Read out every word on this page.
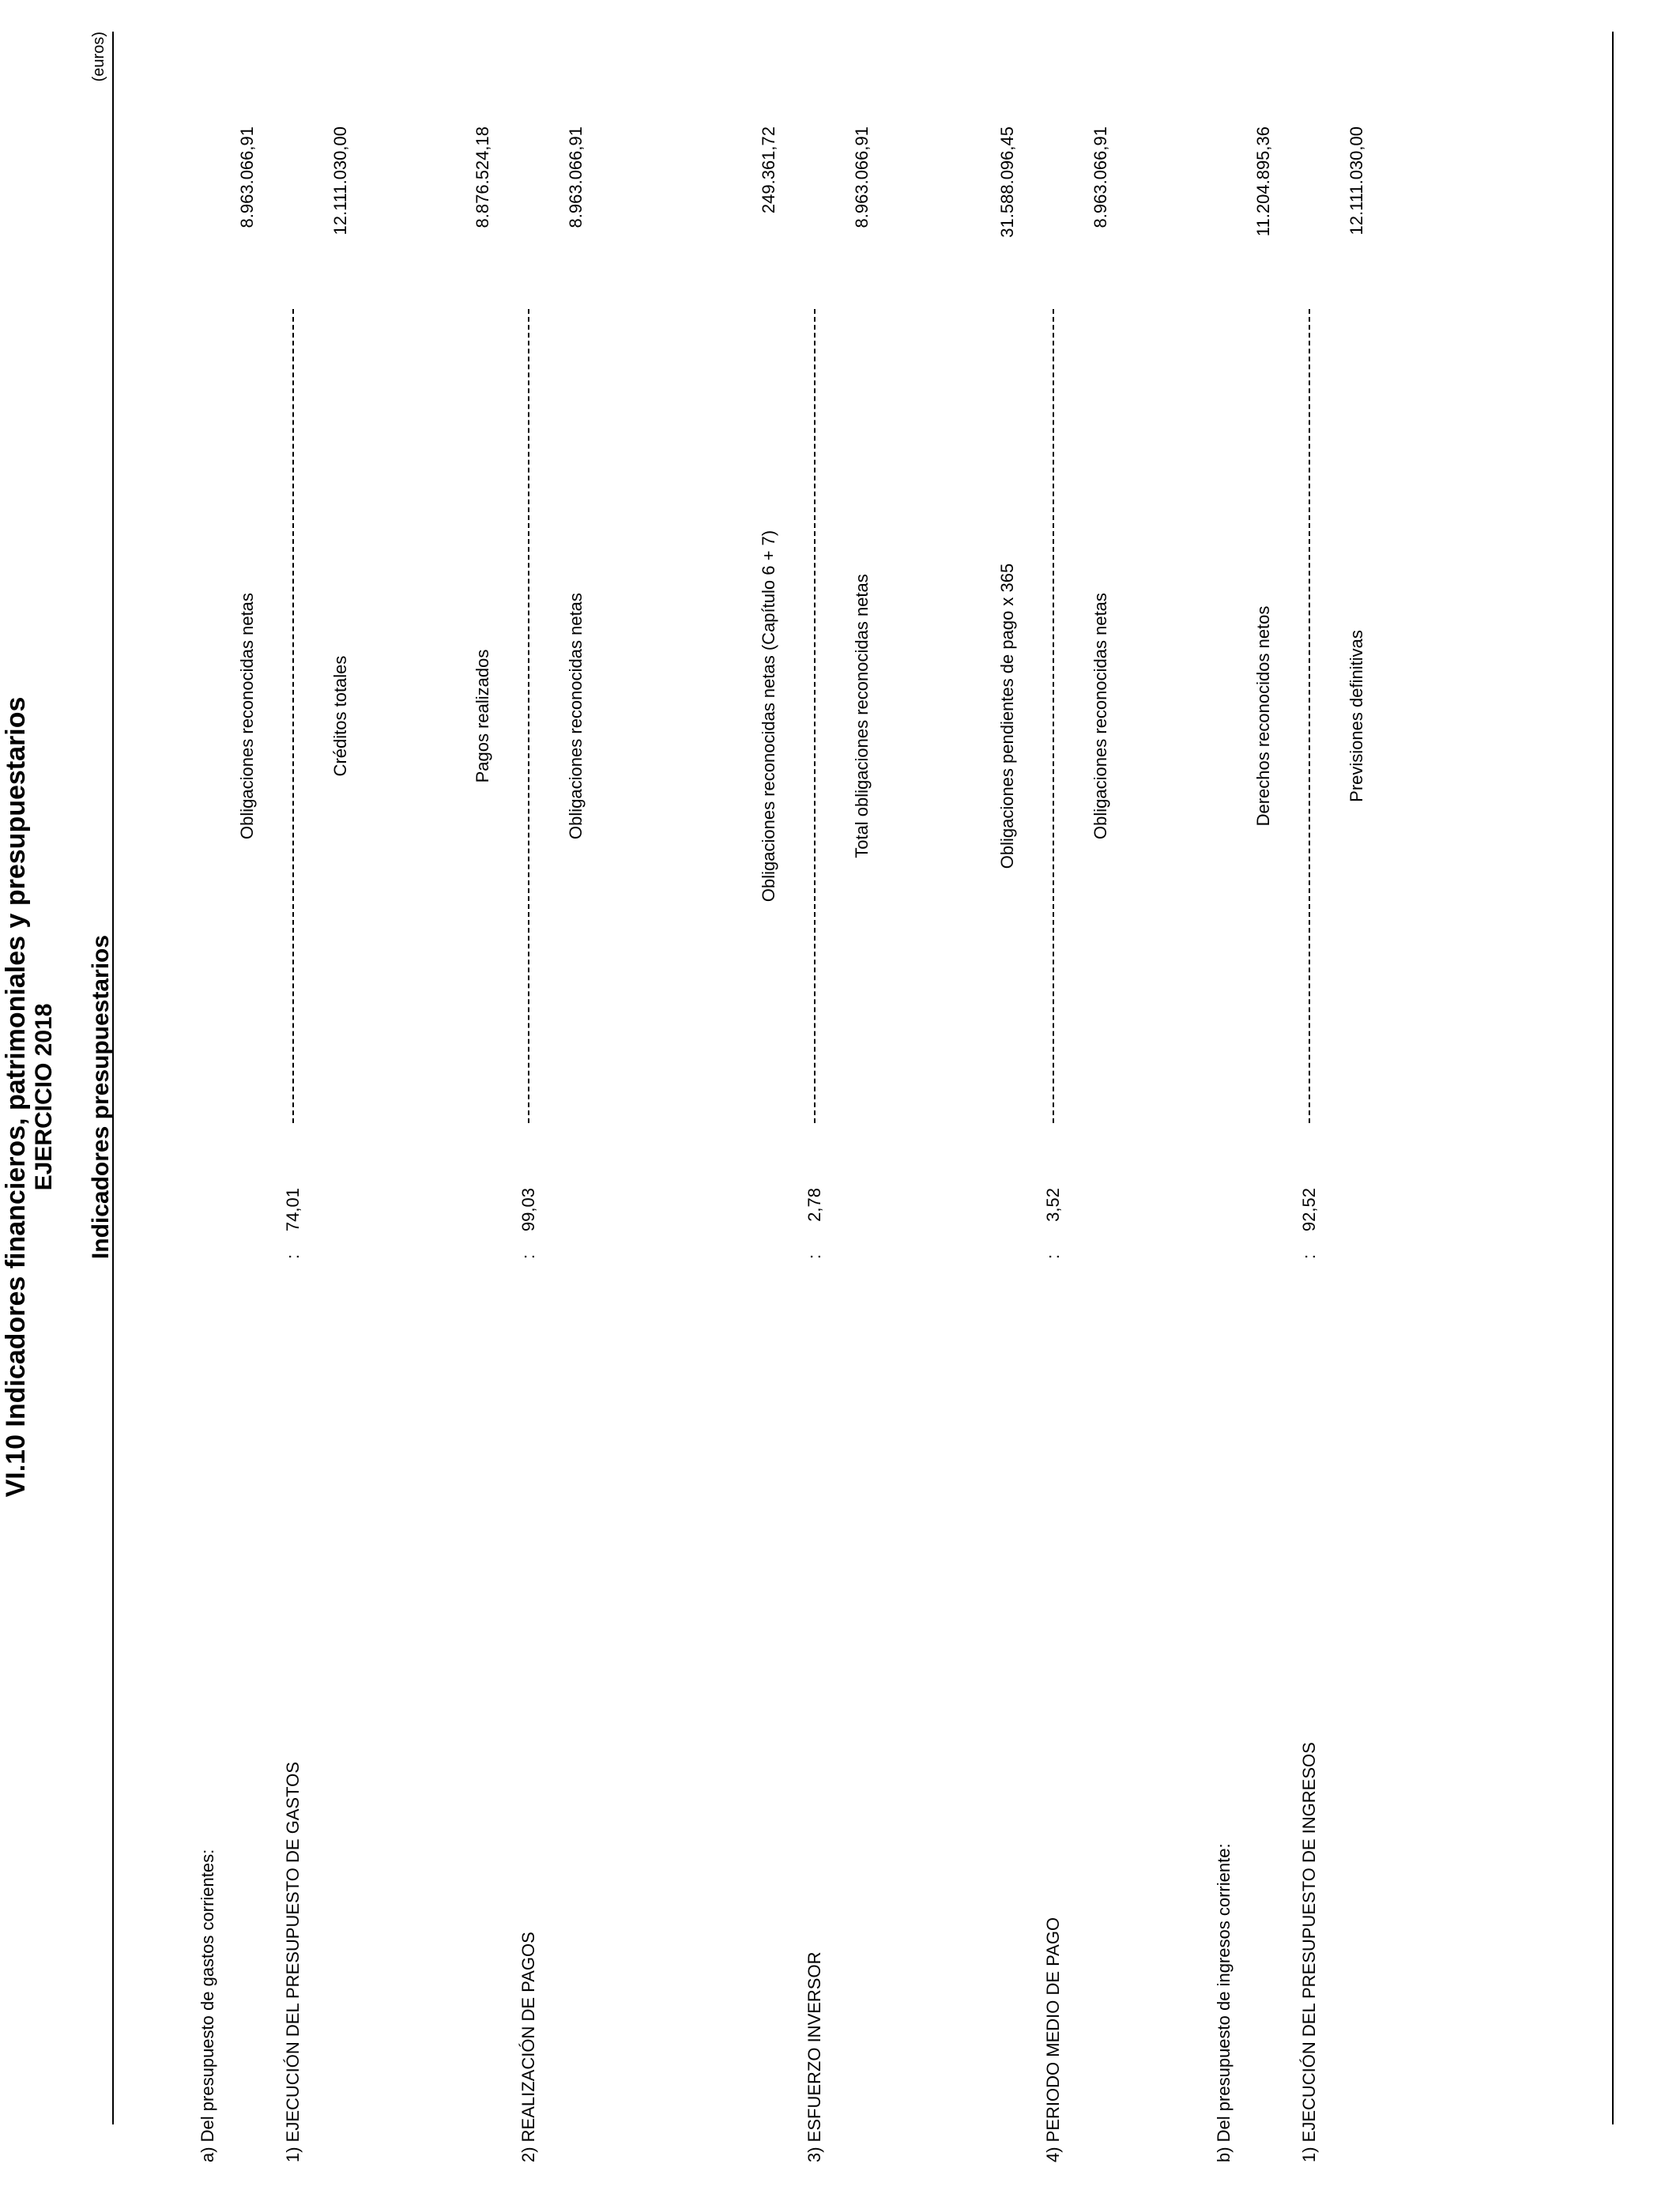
VI.10 Indicadores financieros, patrimoniales y presupuestarios EJERCICIO 2018
(euros)
Indicadores presupuestarios
a) Del presupuesto de gastos corrientes:
Obligaciones reconocidas netas
8.963.066,91
1) EJECUCIÓN DEL PRESUPUESTO DE GASTOS
74,01
:
Créditos totales
12.111.030,00
Pagos realizados
8.876.524,18
2) REALIZACIÓN DE PAGOS
99,03
:
Obligaciones reconocidas netas
8.963.066,91
Obligaciones reconocidas netas (Capítulo 6 + 7)
249.361,72
3) ESFUERZO INVERSOR
2,78
:
Total obligaciones reconocidas netas
8.963.066,91
Obligaciones pendientes de pago x 365
31.588.096,45
4) PERIODO MEDIO DE PAGO
3,52
:
Obligaciones reconocidas netas
8.963.066,91
b) Del presupuesto de ingresos corriente:
Derechos reconocidos netos
11.204.895,36
1) EJECUCIÓN DEL PRESUPUESTO DE INGRESOS
92,52
:
Previsiones definitivas
12.111.030,00
